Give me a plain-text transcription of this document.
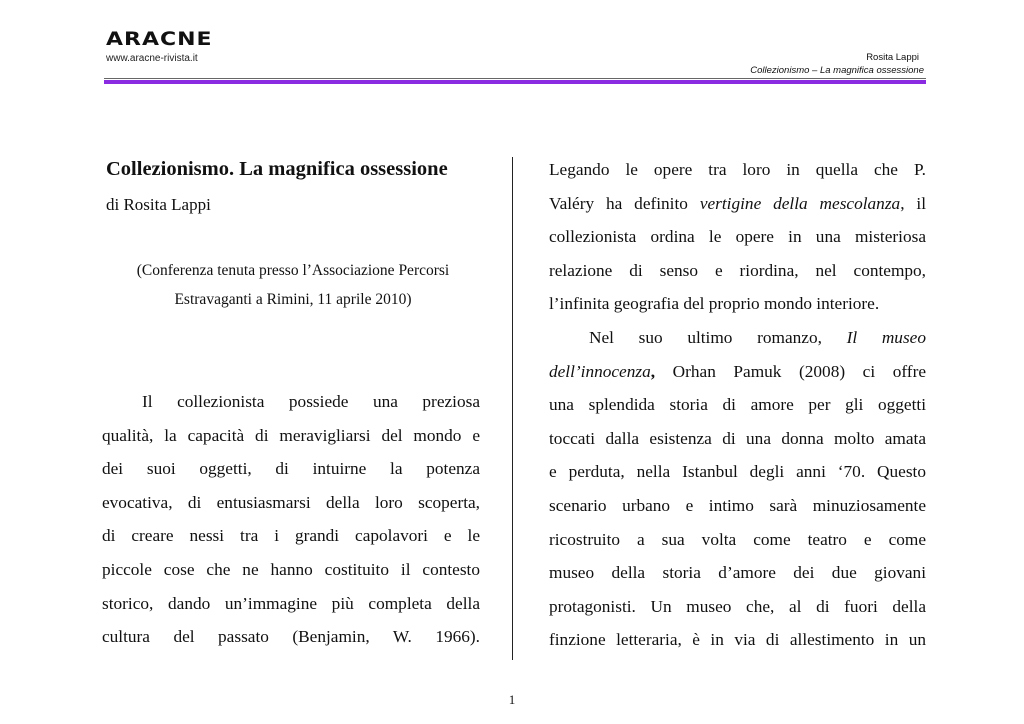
ARACNE
www.aracne-rivista.it	Rosita Lappi
Collezionismo – La magnifica ossessione
Collezionismo. La magnifica ossessione
di Rosita Lappi
(Conferenza tenuta presso l’Associazione Percorsi
Estravaganti a Rimini, 11 aprile 2010)
Il collezionista possiede una preziosa
qualità, la capacità di meravigliarsi del mondo e
dei suoi oggetti, di intuirne la potenza
evocativa, di entusiasmarsi della loro scoperta,
di creare nessi tra i grandi capolavori e le
piccole cose che ne hanno costituito il contesto
storico, dando un’immagine più completa della
cultura del passato (Benjamin, W. 1966).
Legando le opere tra loro in quella che P.
Valéry ha definito vertigine della mescolanza, il
collezionista ordina le opere in una misteriosa
relazione di senso e riordina, nel contempo,
l’infinita geografia del proprio mondo interiore.
Nel suo ultimo romanzo, Il museo
dell’innocenza, Orhan Pamuk (2008) ci offre
una splendida storia di amore per gli oggetti
toccati dalla esistenza di una donna molto amata
e perduta, nella Istanbul degli anni ‘70. Questo
scenario urbano e intimo sarà minuziosamente
ricostruito a sua volta come teatro e come
museo della storia d’amore dei due giovani
protagonisti. Un museo che, al di fuori della
finzione letteraria, è in via di allestimento in un
1
